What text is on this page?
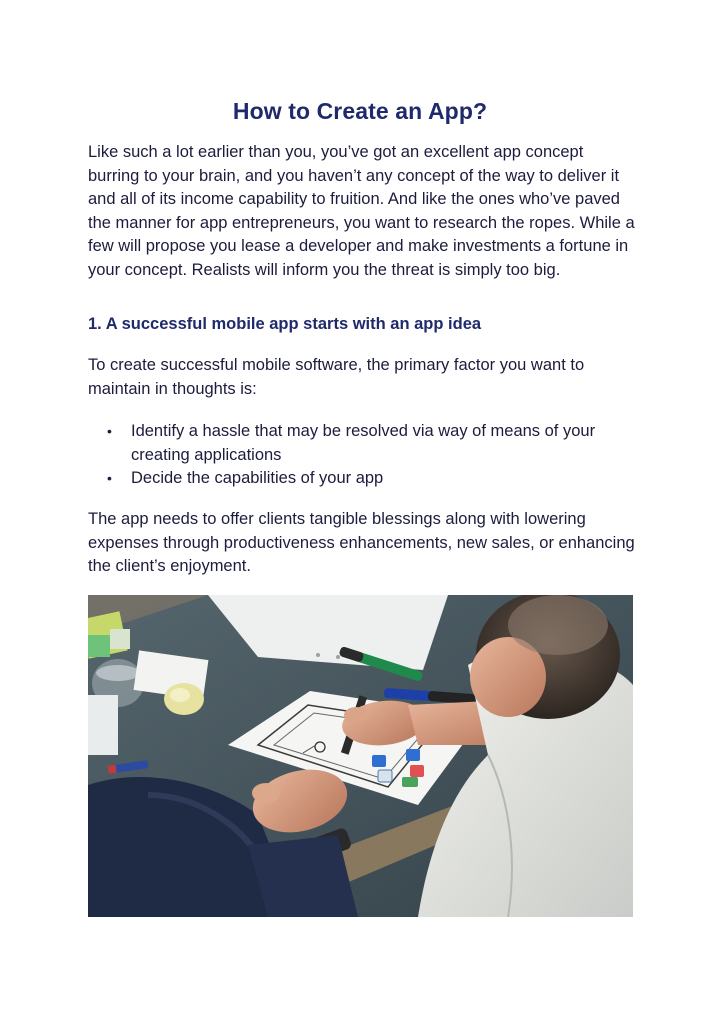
How to Create an App?

Like such a lot earlier than you, you’ve got an excellent app concept burring to your brain, and you haven’t any concept of the way to deliver it and all of its income capability to fruition. And like the ones who’ve paved the manner for app entrepreneurs, you want to research the ropes. While a few will propose you lease a developer and make investments a fortune in your concept. Realists will inform you the threat is simply too big.

1. A successful mobile app starts with an app idea

To create successful mobile software, the primary factor you want to maintain in thoughts is:

• Identify a hassle that may be resolved via way of means of your creating applications
• Decide the capabilities of your app

The app needs to offer clients tangible blessings along with lowering expenses through productiveness enhancements, new sales, or enhancing the client’s enjoyment.
